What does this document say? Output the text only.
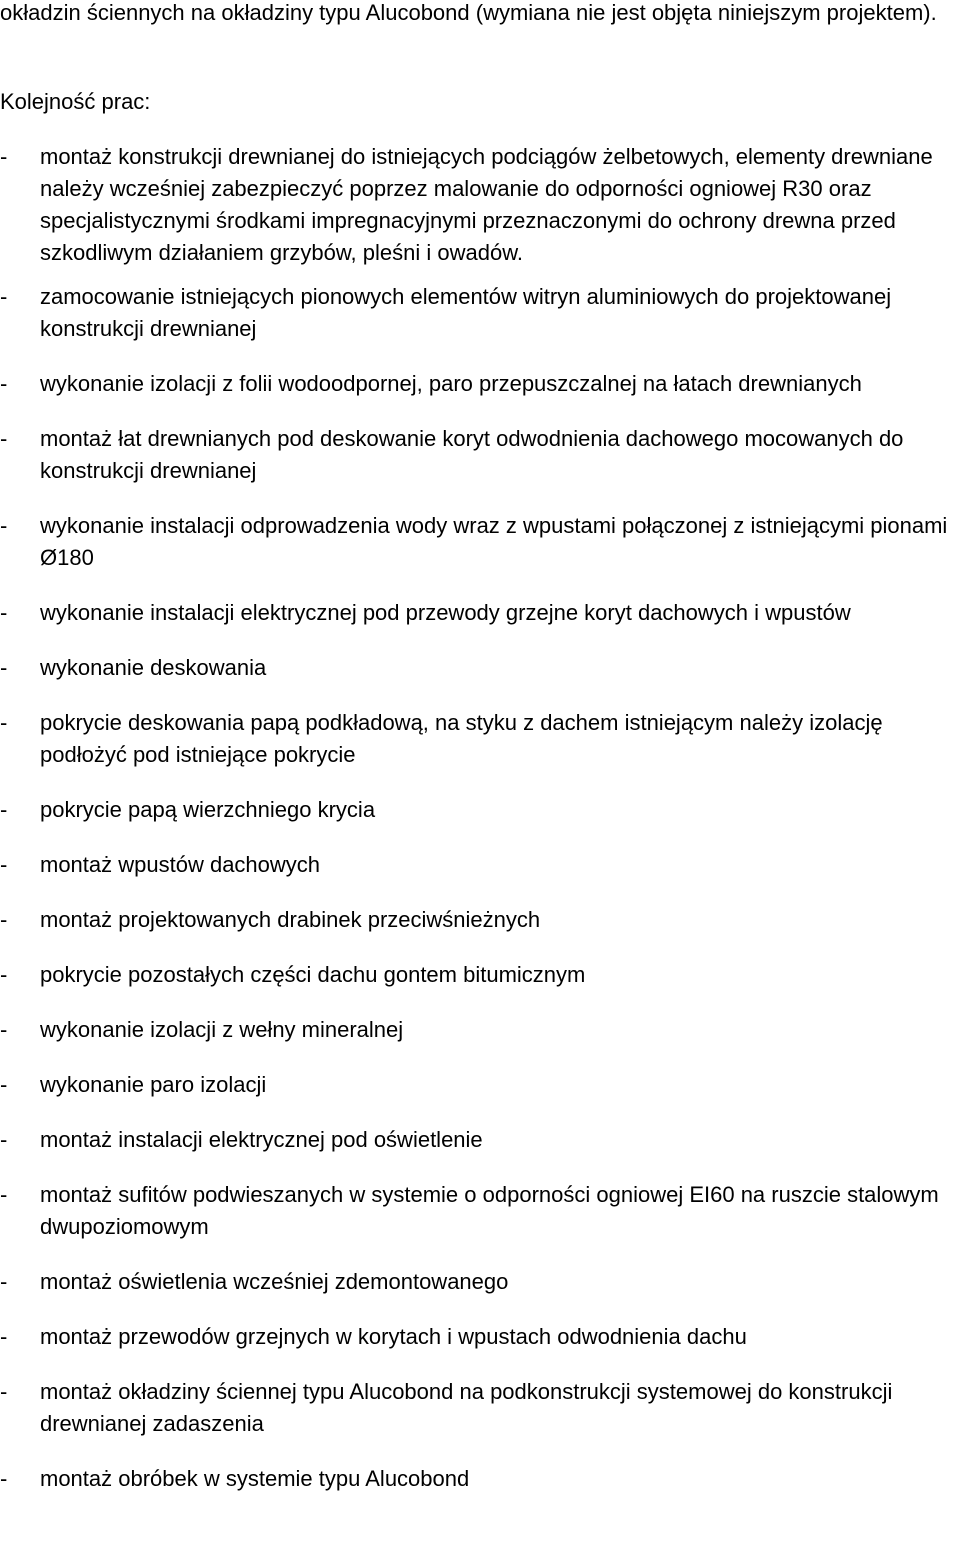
okładzin ściennych na okładziny typu Alucobond (wymiana nie jest objęta niniejszym projektem).

Kolejność prac:

-	montaż konstrukcji drewnianej do istniejących podciągów żelbetowych, elementy drewniane należy wcześniej zabezpieczyć poprzez malowanie do odporności ogniowej R30 oraz specjalistycznymi środkami impregnacyjnymi przeznaczonymi do ochrony drewna przed szkodliwym działaniem grzybów, pleśni i owadów.
-	zamocowanie istniejących pionowych elementów witryn aluminiowych do projektowanej konstrukcji drewnianej
-	wykonanie izolacji z folii wodoodpornej, paro przepuszczalnej na łatach drewnianych
-	montaż łat drewnianych pod deskowanie koryt odwodnienia dachowego mocowanych do konstrukcji drewnianej
-	wykonanie instalacji odprowadzenia wody wraz z wpustami połączonej z istniejącymi pionami Ø180
-	wykonanie instalacji elektrycznej pod przewody grzejne koryt dachowych i wpustów
-	wykonanie deskowania
-	pokrycie deskowania papą podkładową, na styku z dachem istniejącym należy izolację podłożyć pod istniejące pokrycie
-	pokrycie papą wierzchniego krycia
-	montaż wpustów dachowych
-	montaż projektowanych drabinek przeciwśnieżnych
-	pokrycie pozostałych części dachu gontem bitumicznym
-	wykonanie izolacji z wełny mineralnej
-	wykonanie paro izolacji
-	montaż instalacji elektrycznej pod oświetlenie
-	montaż sufitów podwieszanych w systemie o odporności ogniowej EI60 na ruszcie stalowym dwupoziomowym
-	montaż oświetlenia wcześniej zdemontowanego
-	montaż przewodów grzejnych w korytach i wpustach odwodnienia dachu
-	montaż okładziny ściennej typu Alucobond na podkonstrukcji systemowej do konstrukcji drewnianej zadaszenia
-	montaż obróbek w systemie typu Alucobond
